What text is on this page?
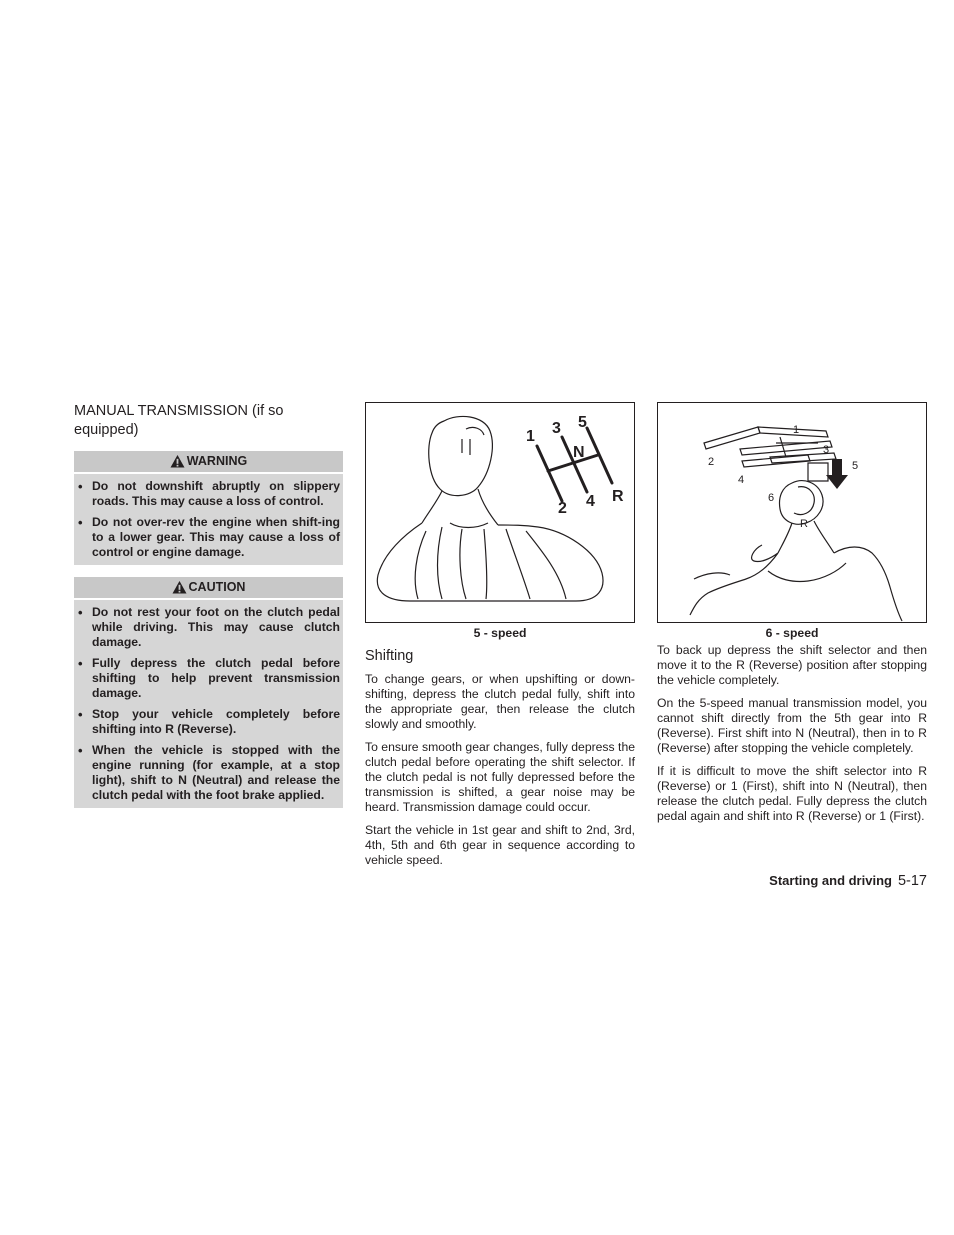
MANUAL TRANSMISSION (if so equipped)
WARNING
• Do not downshift abruptly on slippery roads. This may cause a loss of control.
• Do not over-rev the engine when shift-ing to a lower gear. This may cause a loss of control or engine damage.
CAUTION
• Do not rest your foot on the clutch pedal while driving. This may cause clutch damage.
• Fully depress the clutch pedal before shifting to help prevent transmission damage.
• Stop your vehicle completely before shifting into R (Reverse).
• When the vehicle is stopped with the engine running (for example, at a stop light), shift to N (Neutral) and release the clutch pedal with the foot brake applied.
1 3 5
N
2 4 R
5 - speed
Shifting

To change gears, or when upshifting or down-shifting, depress the clutch pedal fully, shift into the appropriate gear, then release the clutch slowly and smoothly.

To ensure smooth gear changes, fully depress the clutch pedal before operating the shift selector. If the clutch pedal is not fully depressed before the transmission is shifted, a gear noise may be heard. Transmission damage could occur.

Start the vehicle in 1st gear and shift to 2nd, 3rd, 4th, 5th and 6th gear in sequence according to vehicle speed.

1
2
3
4
5
6
R
6 - speed

To back up depress the shift selector and then move it to the R (Reverse) position after stopping the vehicle completely.

On the 5-speed manual transmission model, you cannot shift directly from the 5th gear into R (Reverse). First shift into N (Neutral), then in to R (Reverse) after stopping the vehicle completely.

If it is difficult to move the shift selector into R (Reverse) or 1 (First), shift into N (Neutral), then release the clutch pedal. Fully depress the clutch pedal again and shift into R (Reverse) or 1 (First).

Starting and driving 5-17
